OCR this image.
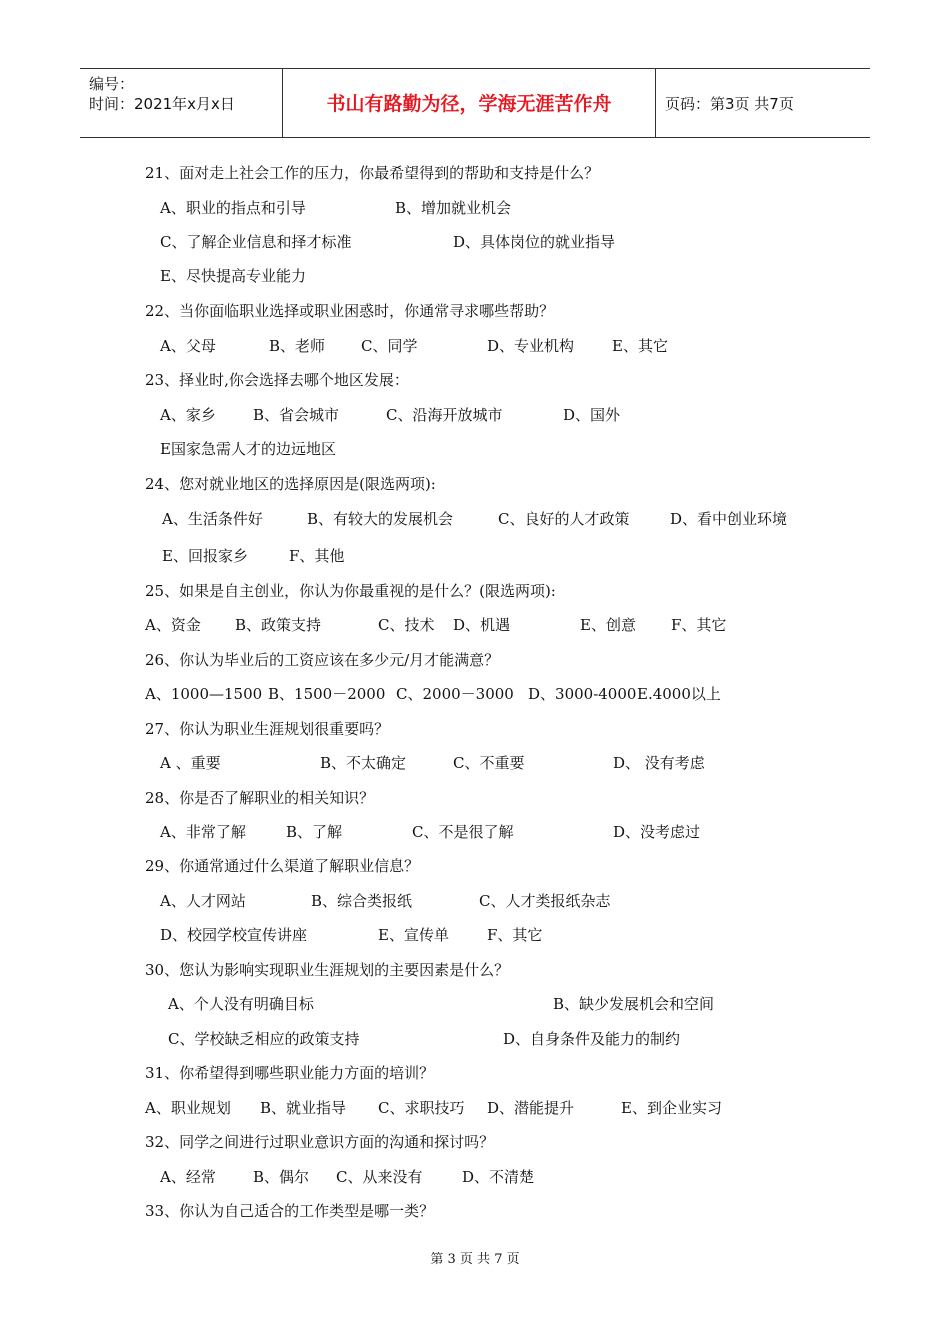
编号：
时间：2021年x月x日	书山有路勤为径，学海无涯苦作舟	页码：第3页 共7页
21、面对走上社会工作的压力，你最希望得到的帮助和支持是什么？
A、职业的指点和引导	B、增加就业机会
C、了解企业信息和择才标准	D、具体岗位的就业指导
E、尽快提高专业能力
22、当你面临职业选择或职业困惑时，你通常寻求哪些帮助？
A、父母	B、老师 C、同学	D、专业机构	E、其它
23、择业时,你会选择去哪个地区发展：
A、家乡 B、省会城市	C、沿海开放城市	D、国外
E国家急需人才的边远地区
24、您对就业地区的选择原因是(限选两项):
A、生活条件好	B、有较大的发展机会	C、良好的人才政策	D、看中创业环境
E、回报家乡	F、其他
25、如果是自主创业，你认为你最重视的是什么？(限选两项):
A、资金 B、政策支持	C、技术 D、机遇	E、创意 F、其它
26、你认为毕业后的工资应该在多少元/月才能满意？
A、1000—1500 B、1500－2000 C、2000－3000 D、3000-4000 E.4000以上
27、你认为职业生涯规划很重要吗？
A 、重要	B、不太确定	C、不重要	D、 没有考虑
28、你是否了解职业的相关知识？
A、非常了解	B、了解	C、不是很了解	D、没考虑过
29、你通常通过什么渠道了解职业信息？
A、人才网站	B、综合类报纸	C、人才类报纸杂志
D、校园学校宣传讲座	E、宣传单	F、其它
30、您认为影响实现职业生涯规划的主要因素是什么？
A、个人没有明确目标	B、缺少发展机会和空间
C、学校缺乏相应的政策支持	D、自身条件及能力的制约
31、你希望得到哪些职业能力方面的培训？
A、职业规划 B、就业指导 C、求职技巧 D、潜能提升	E、到企业实习
32、同学之间进行过职业意识方面的沟通和探讨吗？
A、经常 B、偶尔 C、从来没有	D、不清楚
33、你认为自己适合的工作类型是哪一类？
第 3 页 共 7 页
